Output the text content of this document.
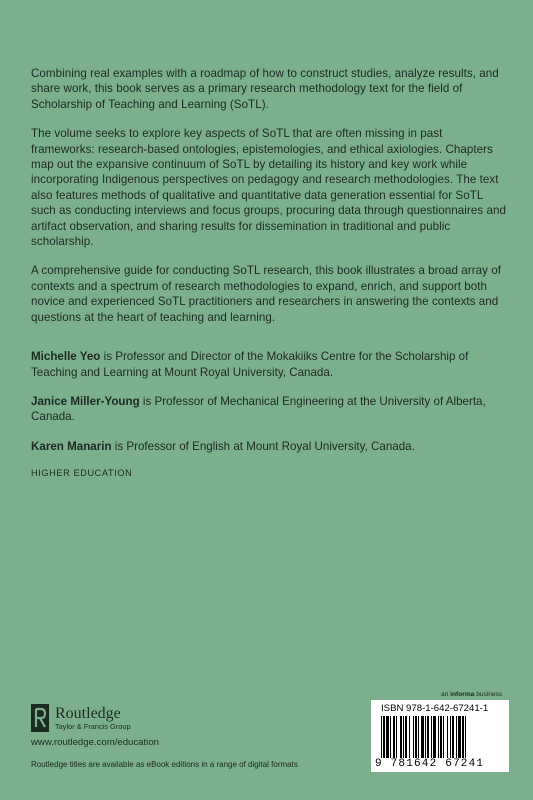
Combining real examples with a roadmap of how to construct studies, analyze results, and share work, this book serves as a primary research methodology text for the field of Scholarship of Teaching and Learning (SoTL).

The volume seeks to explore key aspects of SoTL that are often missing in past frameworks: research-based ontologies, epistemologies, and ethical axiologies. Chapters map out the expansive continuum of SoTL by detailing its history and key work while incorporating Indigenous perspectives on pedagogy and research methodologies. The text also features methods of qualitative and quantitative data generation essential for SoTL such as conducting interviews and focus groups, procuring data through questionnaires and artifact observation, and sharing results for dissemination in traditional and public scholarship.

A comprehensive guide for conducting SoTL research, this book illustrates a broad array of contexts and a spectrum of research methodologies to expand, enrich, and support both novice and experienced SoTL practitioners and researchers in answering the contexts and questions at the heart of teaching and learning.

Michelle Yeo is Professor and Director of the Mokakiiks Centre for the Scholarship of Teaching and Learning at Mount Royal University, Canada.

Janice Miller-Young is Professor of Mechanical Engineering at the University of Alberta, Canada.

Karen Manarin is Professor of English at Mount Royal University, Canada.

HIGHER EDUCATION

Routledge
Taylor & Francis Group
www.routledge.com/education
Routledge titles are available as eBook editions in a range of digital formats
an informa business
ISBN 978-1-642-67241-1
9 781642 67241
